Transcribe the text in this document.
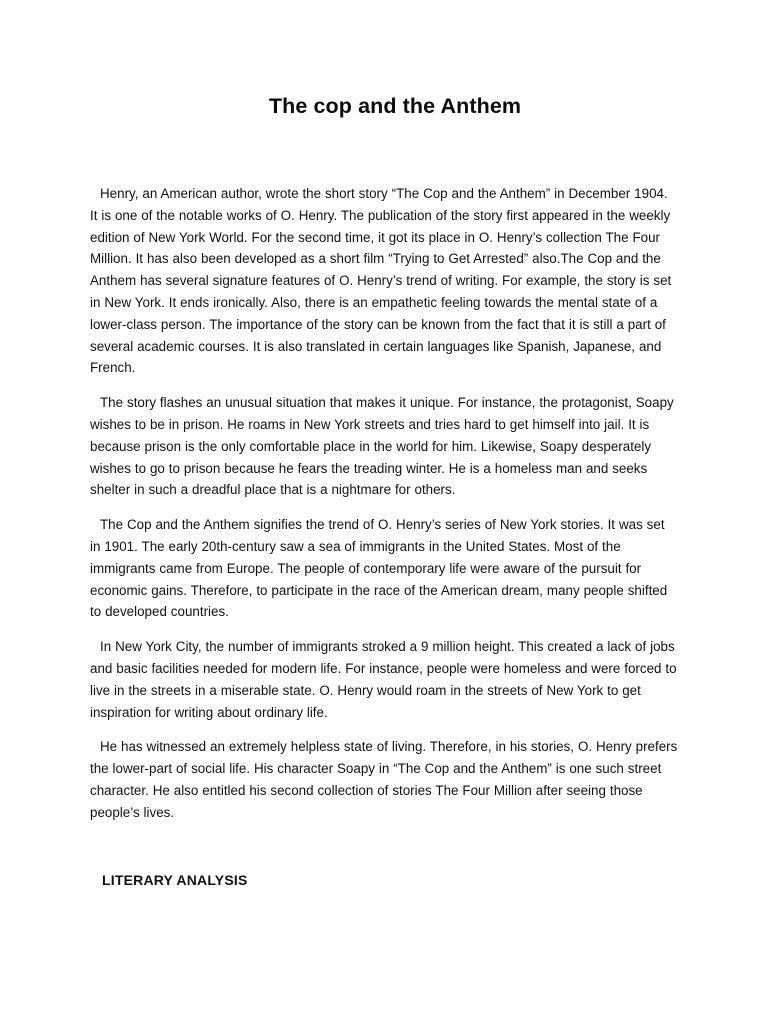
The cop and the Anthem

Henry, an American author, wrote the short story “The Cop and the Anthem” in December 1904. It is one of the notable works of O. Henry. The publication of the story first appeared in the weekly edition of New York World. For the second time, it got its place in O. Henry’s collection The Four Million. It has also been developed as a short film “Trying to Get Arrested” also.The Cop and the Anthem has several signature features of O. Henry’s trend of writing. For example, the story is set in New York. It ends ironically. Also, there is an empathetic feeling towards the mental state of a lower-class person. The importance of the story can be known from the fact that it is still a part of several academic courses. It is also translated in certain languages like Spanish, Japanese, and French.

The story flashes an unusual situation that makes it unique. For instance, the protagonist, Soapy wishes to be in prison. He roams in New York streets and tries hard to get himself into jail. It is because prison is the only comfortable place in the world for him. Likewise, Soapy desperately wishes to go to prison because he fears the treading winter. He is a homeless man and seeks shelter in such a dreadful place that is a nightmare for others.

The Cop and the Anthem signifies the trend of O. Henry’s series of New York stories. It was set in 1901. The early 20th-century saw a sea of immigrants in the United States. Most of the immigrants came from Europe. The people of contemporary life were aware of the pursuit for economic gains. Therefore, to participate in the race of the American dream, many people shifted to developed countries.

In New York City, the number of immigrants stroked a 9 million height. This created a lack of jobs and basic facilities needed for modern life. For instance, people were homeless and were forced to live in the streets in a miserable state. O. Henry would roam in the streets of New York to get inspiration for writing about ordinary life.

He has witnessed an extremely helpless state of living. Therefore, in his stories, O. Henry prefers the lower-part of social life. His character Soapy in “The Cop and the Anthem” is one such street character. He also entitled his second collection of stories The Four Million after seeing those people’s lives.

LITERARY ANALYSIS
